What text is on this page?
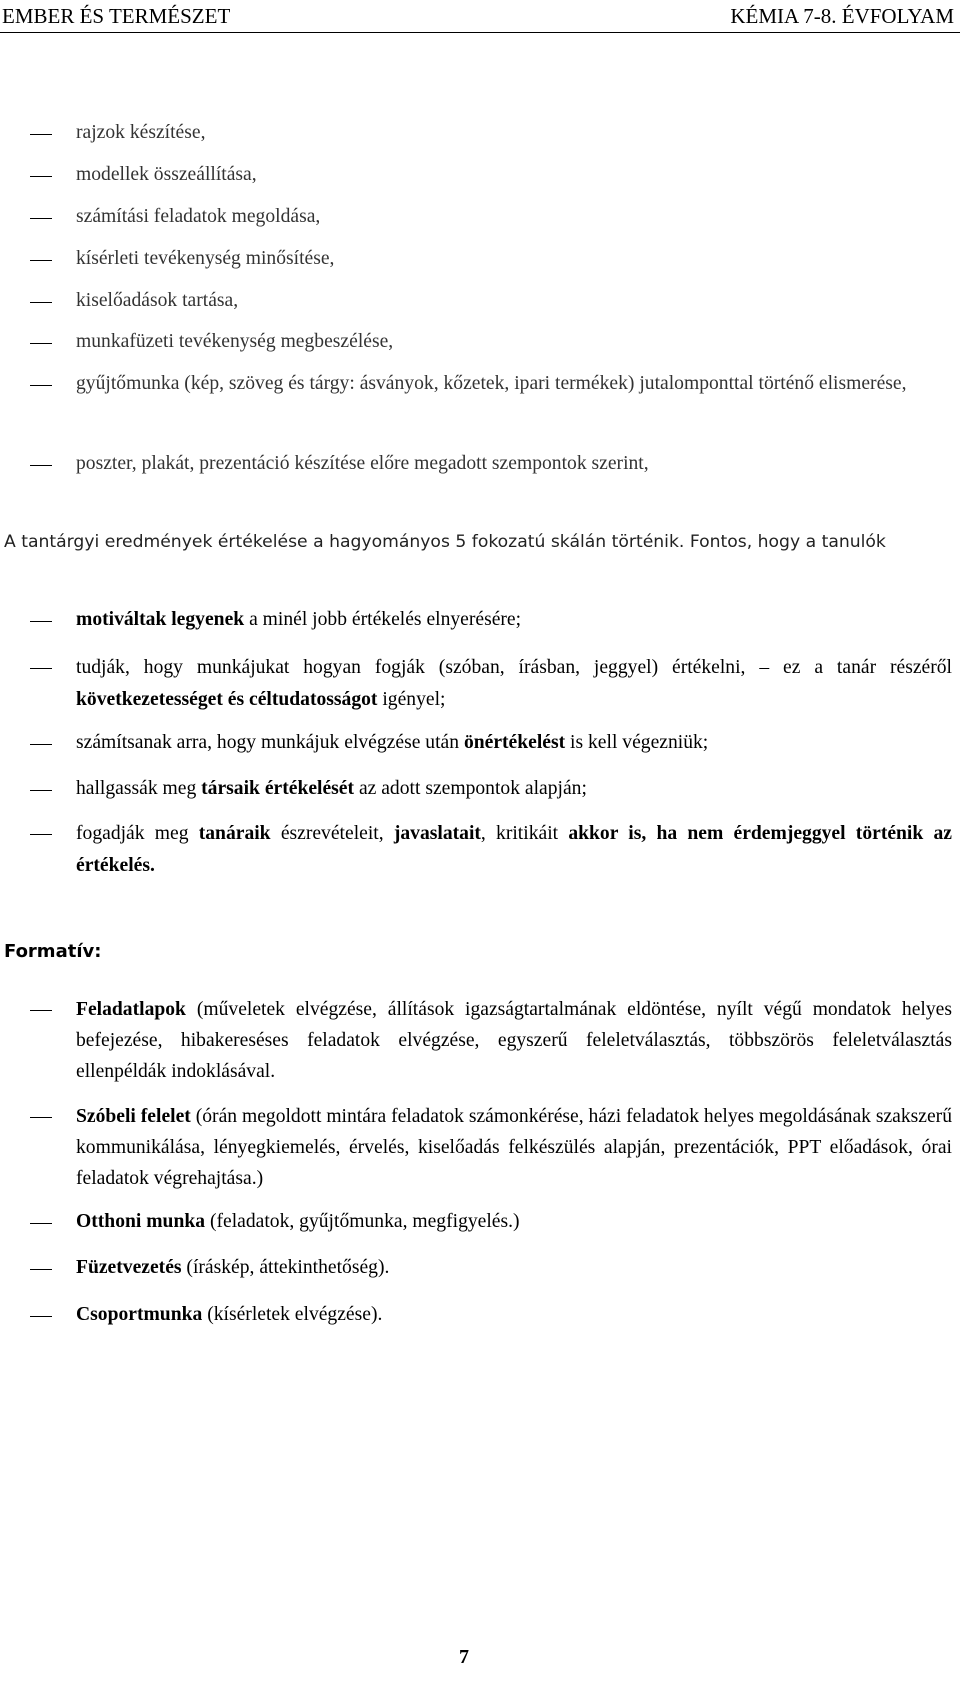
EMBER ÉS TERMÉSZET	KÉMIA 7-8. ÉVFOLYAM
rajzok készítése,
modellek összeállítása,
számítási feladatok megoldása,
kísérleti tevékenység minősítése,
kiselőadások tartása,
munkafüzeti tevékenység megbeszélése,
gyűjtőmunka (kép, szöveg és tárgy: ásványok, kőzetek, ipari termékek) jutalomponttal történő elismerése,
poszter, plakát, prezentáció készítése előre megadott szempontok szerint,
A tantárgyi eredmények értékelése a hagyományos 5 fokozatú skálán történik. Fontos, hogy a tanulók
motiváltak legyenek a minél jobb értékelés elnyerésére;
tudják, hogy munkájukat hogyan fogják (szóban, írásban, jeggyel) értékelni, – ez a tanár részéről következetességet és céltudatosságot igényel;
számítsanak arra, hogy munkájuk elvégzése után önértékelést is kell végezniük;
hallgassák meg társaik értékelését az adott szempontok alapján;
fogadják meg tanáraik észrevételeit, javaslatait, kritikáit akkor is, ha nem érdemjeggyel történik az értékelés.
Formatív:
Feladatlapok (műveletek elvégzése, állítások igazságtartalmának eldöntése, nyílt végű mondatok helyes befejezése, hibakereséses feladatok elvégzése, egyszerű feleletválasztás, többszörös feleletválasztás ellenpéldák indoklásával.
Szóbeli felelet (órán megoldott mintára feladatok számonkérése, házi feladatok helyes megoldásának szakszerű kommunikálása, lényegkiemelés, érvelés, kiselőadás felkészülés alapján, prezentációk, PPT előadások, órai feladatok végrehajtása.)
Otthoni munka (feladatok, gyűjtőmunka, megfigyelés.)
Füzetvezetés (íráskép, áttekinthetőség).
Csoportmunka (kísérletek elvégzése).
7
